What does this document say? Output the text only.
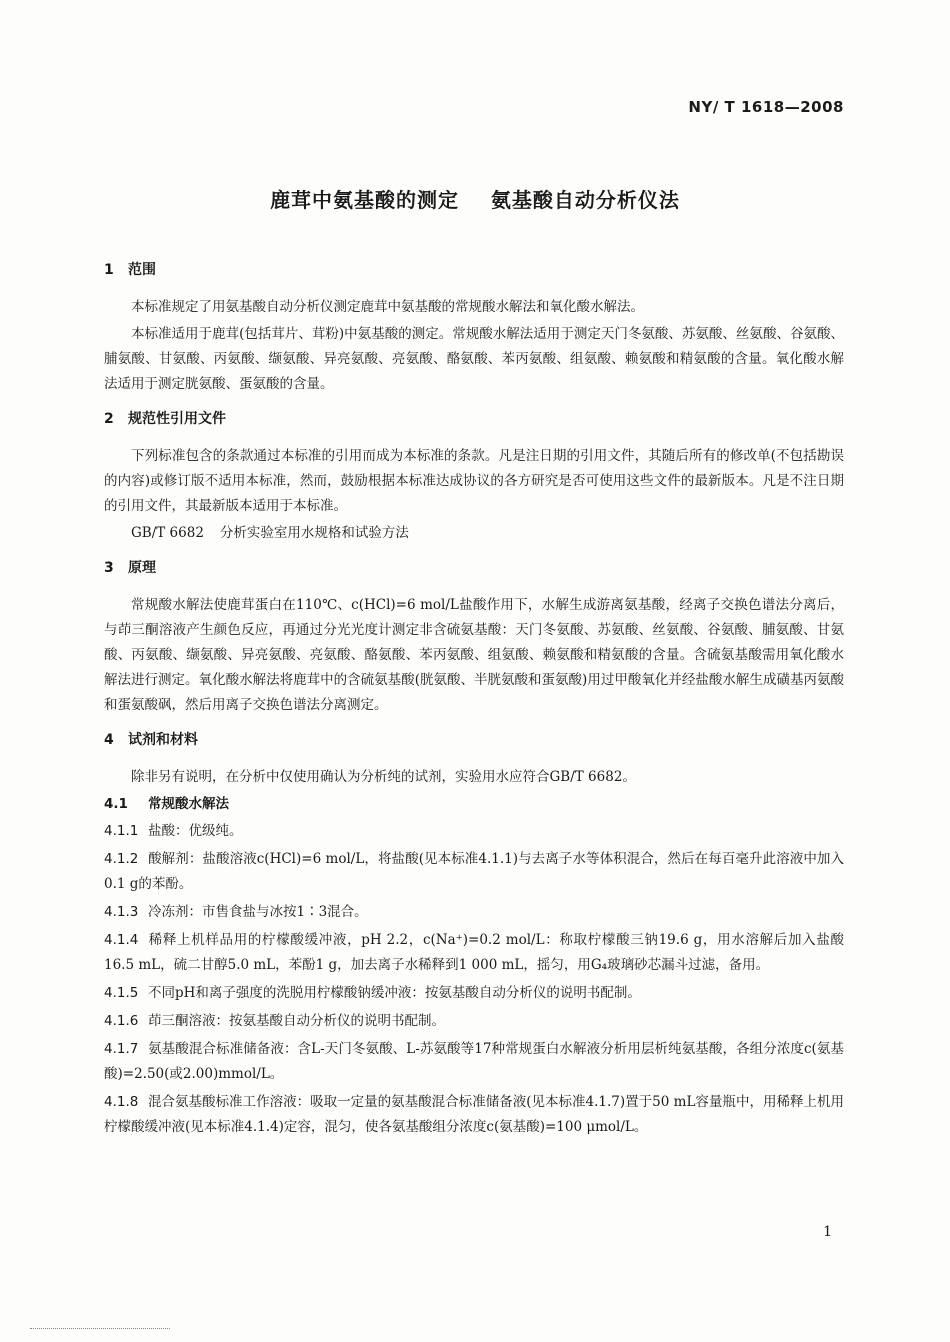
NY/ T 1618—2008
鹿茸中氨基酸的测定    氨基酸自动分析仪法
1 范围

本标准规定了用氨基酸自动分析仪测定鹿茸中氨基酸的常规酸水解法和氧化酸水解法。

本标准适用于鹿茸(包括茸片、茸粉)中氨基酸的测定。常规酸水解法适用于测定天门冬氨酸、苏氨酸、丝氨酸、谷氨酸、脯氨酸、甘氨酸、丙氨酸、缬氨酸、异亮氨酸、亮氨酸、酪氨酸、苯丙氨酸、组氨酸、赖氨酸和精氨酸的含量。氧化酸水解法适用于测定胱氨酸、蛋氨酸的含量。

2 规范性引用文件

下列标准包含的条款通过本标准的引用而成为本标准的条款。凡是注日期的引用文件，其随后所有的修改单(不包括勘误的内容)或修订版不适用本标准，然而，鼓励根据本标准达成协议的各方研究是否可使用这些文件的最新版本。凡是不注日期的引用文件，其最新版本适用于本标准。

GB/T 6682 分析实验室用水规格和试验方法

3 原理

常规酸水解法使鹿茸蛋白在110℃、c(HCl)=6 mol/L盐酸作用下，水解生成游离氨基酸，经离子交换色谱法分离后，与茚三酮溶液产生颜色反应，再通过分光光度计测定非含硫氨基酸：天门冬氨酸、苏氨酸、丝氨酸、谷氨酸、脯氨酸、甘氨酸、丙氨酸、缬氨酸、异亮氨酸、亮氨酸、酪氨酸、苯丙氨酸、组氨酸、赖氨酸和精氨酸的含量。含硫氨基酸需用氧化酸水解法进行测定。氧化酸水解法将鹿茸中的含硫氨基酸(胱氨酸、半胱氨酸和蛋氨酸)用过甲酸氧化并经盐酸水解生成磺基丙氨酸和蛋氨酸砜，然后用离子交换色谱法分离测定。

4 试剂和材料

除非另有说明，在分析中仅使用确认为分析纯的试剂，实验用水应符合GB/T 6682。

4.1 常规酸水解法

4.1.1 盐酸：优级纯。

4.1.2 酸解剂：盐酸溶液c(HCl)=6 mol/L，将盐酸(见本标准4.1.1)与去离子水等体积混合，然后在每百毫升此溶液中加入0.1 g的苯酚。

4.1.3 冷冻剂：市售食盐与冰按1∶3混合。

4.1.4 稀释上机样品用的柠檬酸缓冲液，pH 2.2，c(Na⁺)=0.2 mol/L：称取柠檬酸三钠19.6 g，用水溶解后加入盐酸16.5 mL，硫二甘醇5.0 mL，苯酚1 g，加去离子水稀释到1 000 mL，摇匀，用G₄玻璃砂芯漏斗过滤，备用。

4.1.5 不同pH和离子强度的洗脱用柠檬酸钠缓冲液：按氨基酸自动分析仪的说明书配制。

4.1.6 茚三酮溶液：按氨基酸自动分析仪的说明书配制。

4.1.7 氨基酸混合标准储备液：含L-天门冬氨酸、L-苏氨酸等17种常规蛋白水解液分析用层析纯氨基酸，各组分浓度c(氨基酸)=2.50(或2.00)mmol/L。

4.1.8 混合氨基酸标准工作溶液：吸取一定量的氨基酸混合标准储备液(见本标准4.1.7)置于50 mL容量瓶中，用稀释上机用柠檬酸缓冲液(见本标准4.1.4)定容，混匀，使各氨基酸组分浓度c(氨基酸)=100 μmol/L。

1
